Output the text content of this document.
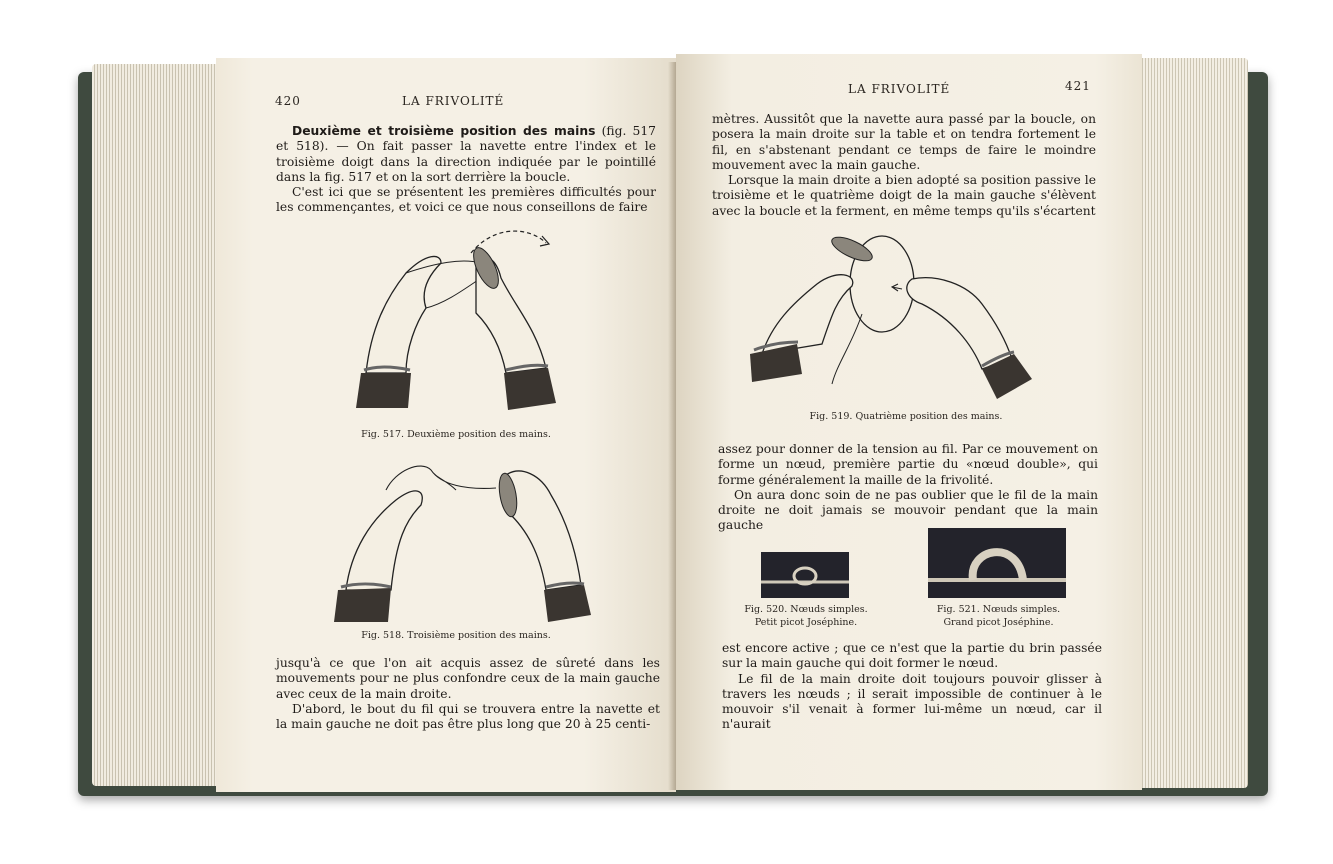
420	LA FRIVOLITÉ

Deuxième et troisième position des mains (fig. 517 et 518). — On fait passer la navette entre l'index et le troisième doigt dans la direction indiquée par le pointillé dans la fig. 517 et on la sort derrière la boucle.

C'est ici que se présentent les premières difficultés pour les commençantes, et voici ce que nous conseillons de faire

Fig. 517. Deuxième position des mains.
Fig. 518. Troisième position des mains.

jusqu'à ce que l'on ait acquis assez de sûreté dans les mouvements pour ne plus confondre ceux de la main gauche avec ceux de la main droite.

D'abord, le bout du fil qui se trouvera entre la navette et la main gauche ne doit pas être plus long que 20 à 25 centi-

LA FRIVOLITÉ	421

mètres. Aussitôt que la navette aura passé par la boucle, on posera la main droite sur la table et on tendra fortement le fil, en s'abstenant pendant ce temps de faire le moindre mouvement avec la main gauche.

Lorsque la main droite a bien adopté sa position passive le troisième et le quatrième doigt de la main gauche s'élèvent avec la boucle et la ferment, en même temps qu'ils s'écartent

Fig. 519. Quatrième position des mains.

assez pour donner de la tension au fil. Par ce mouvement on forme un nœud, première partie du «nœud double», qui forme généralement la maille de la frivolité.

On aura donc soin de ne pas oublier que le fil de la main droite ne doit jamais se mouvoir pendant que la main gauche

Fig. 520. Nœuds simples.
Petit picot Joséphine.
Fig. 521. Nœuds simples.
Grand picot Joséphine.

est encore active ; que ce n'est que la partie du brin passée sur la main gauche qui doit former le nœud.

Le fil de la main droite doit toujours pouvoir glisser à travers les nœuds ; il serait impossible de continuer à le mouvoir s'il venait à former lui-même un nœud, car il n'aurait
